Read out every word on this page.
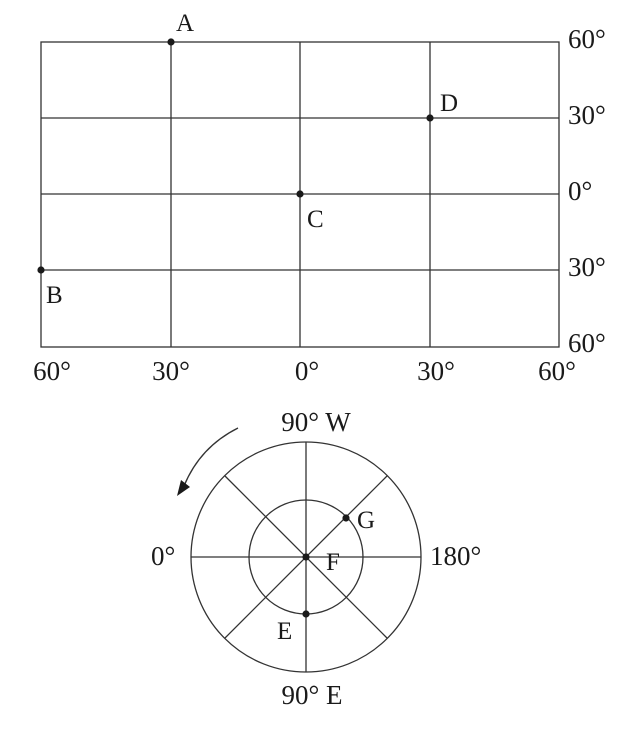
60°
30°
0°
30°
60°
60°	30°	0°	30°	60°
A
B
C
D
90° W
90° E
0°	180°
F
G
E
